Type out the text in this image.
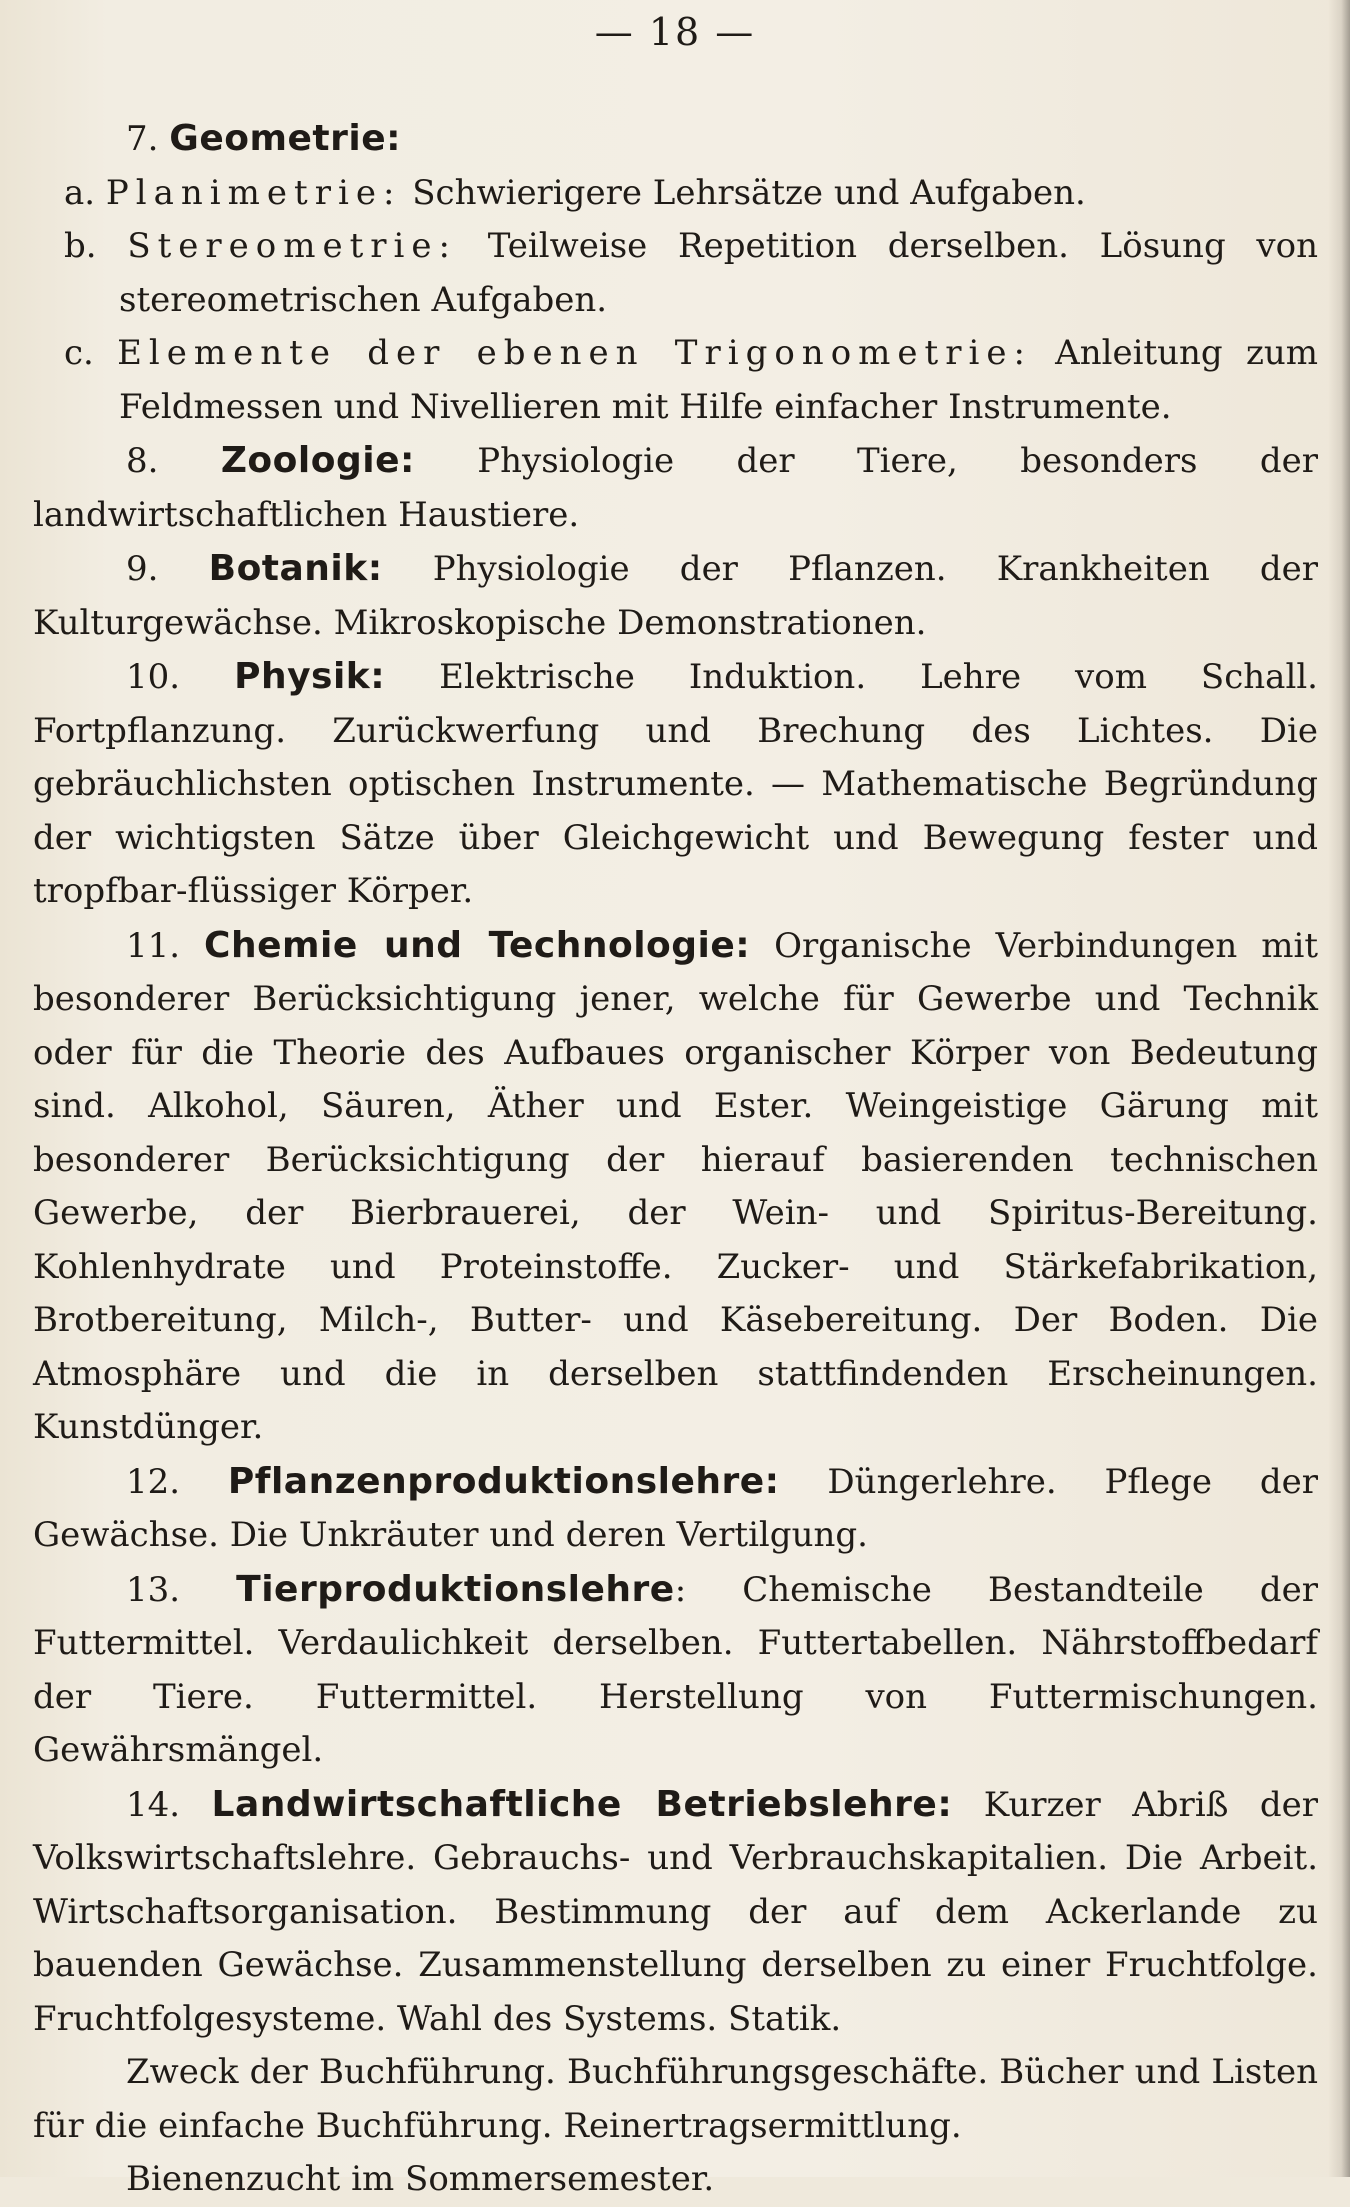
— 18 —

7. Geometrie:

a. Planimetrie: Schwierigere Lehrsätze und Aufgaben.

b. Stereometrie: Teilweise Repetition derselben. Lösung von stereometrischen Aufgaben.

c. Elemente der ebenen Trigonometrie: Anleitung zum Feldmessen und Nivellieren mit Hilfe einfacher Instrumente.

8. Zoologie: Physiologie der Tiere, besonders der landwirtschaftlichen Haustiere.

9. Botanik: Physiologie der Pflanzen. Krankheiten der Kulturgewächse. Mikroskopische Demonstrationen.

10. Physik: Elektrische Induktion. Lehre vom Schall. Fortpflanzung. Zurückwerfung und Brechung des Lichtes. Die gebräuchlichsten optischen Instrumente. — Mathematische Begründung der wichtigsten Sätze über Gleichgewicht und Bewegung fester und tropfbar-flüssiger Körper.

11. Chemie und Technologie: Organische Verbindungen mit besonderer Berücksichtigung jener, welche für Gewerbe und Technik oder für die Theorie des Aufbaues organischer Körper von Bedeutung sind. Alkohol, Säuren, Äther und Ester. Weingeistige Gärung mit besonderer Berücksichtigung der hierauf basierenden technischen Gewerbe, der Bierbrauerei, der Wein- und Spiritus-Bereitung. Kohlenhydrate und Proteinstoffe. Zucker- und Stärkefabrikation, Brotbereitung, Milch-, Butter- und Käsebereitung. Der Boden. Die Atmosphäre und die in derselben stattfindenden Erscheinungen. Kunstdünger.

12. Pflanzenproduktionslehre: Düngerlehre. Pflege der Gewächse. Die Unkräuter und deren Vertilgung.

13. Tierproduktionslehre: Chemische Bestandteile der Futtermittel. Verdaulichkeit derselben. Futtertabellen. Nährstoffbedarf der Tiere. Futtermittel. Herstellung von Futtermischungen. Gewährsmängel.

14. Landwirtschaftliche Betriebslehre: Kurzer Abriß der Volkswirtschaftslehre. Gebrauchs- und Verbrauchskapitalien. Die Arbeit. Wirtschaftsorganisation. Bestimmung der auf dem Ackerlande zu bauenden Gewächse. Zusammenstellung derselben zu einer Fruchtfolge. Fruchtfolgesysteme. Wahl des Systems. Statik.

Zweck der Buchführung. Buchführungsgeschäfte. Bücher und Listen für die einfache Buchführung. Reinertragsermittlung.

Bienenzucht im Sommersemester.
